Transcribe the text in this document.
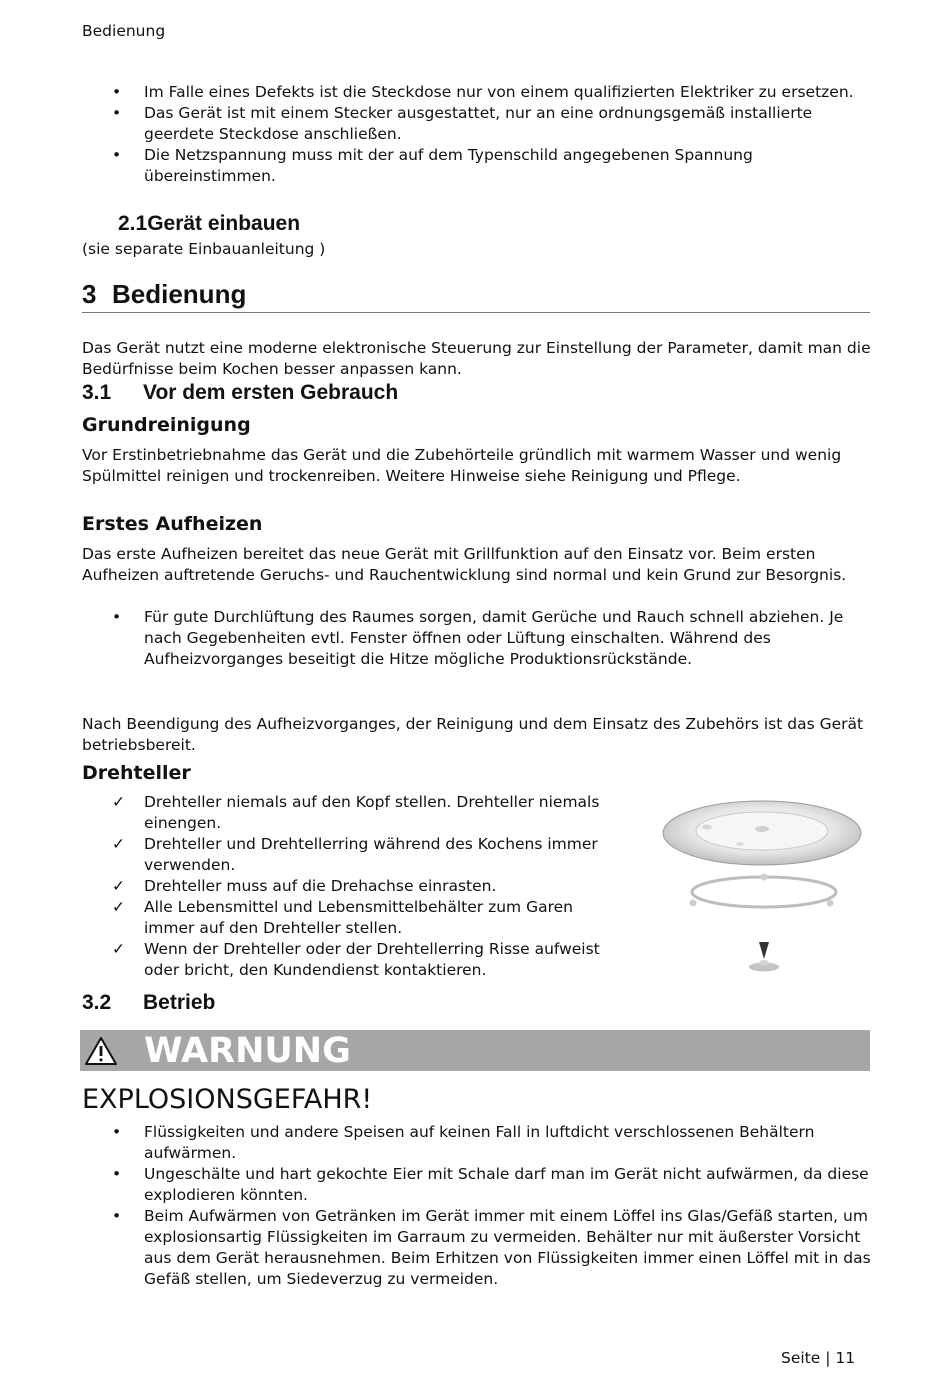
Bedienung
• Im Falle eines Defekts ist die Steckdose nur von einem qualifizierten Elektriker zu ersetzen.
• Das Gerät ist mit einem Stecker ausgestattet, nur an eine ordnungsgemäß installierte geerdete Steckdose anschließen.
• Die Netzspannung muss mit der auf dem Typenschild angegebenen Spannung übereinstimmen.
2.1Gerät einbauen
(sie separate Einbauanleitung )
3 Bedienung

Das Gerät nutzt eine moderne elektronische Steuerung zur Einstellung der Parameter, damit man die Bedürfnisse beim Kochen besser anpassen kann.

3.1 Vor dem ersten Gebrauch
Grundreinigung

Vor Erstinbetriebnahme das Gerät und die Zubehörteile gründlich mit warmem Wasser und wenig Spülmittel reinigen und trockenreiben. Weitere Hinweise siehe Reinigung und Pflege.

Erstes Aufheizen

Das erste Aufheizen bereitet das neue Gerät mit Grillfunktion auf den Einsatz vor. Beim ersten Aufheizen auftretende Geruchs- und Rauchentwicklung sind normal und kein Grund zur Besorgnis.

• Für gute Durchlüftung des Raumes sorgen, damit Gerüche und Rauch schnell abziehen. Je nach Gegebenheiten evtl. Fenster öffnen oder Lüftung einschalten. Während des Aufheizvorganges beseitigt die Hitze mögliche Produktionsrückstände.

Nach Beendigung des Aufheizvorganges, der Reinigung und dem Einsatz des Zubehörs ist das Gerät betriebsbereit.

Drehteller
✓ Drehteller niemals auf den Kopf stellen. Drehteller niemals einengen.
✓ Drehteller und Drehtellerring während des Kochens immer verwenden.
✓ Drehteller muss auf die Drehachse einrasten.
✓ Alle Lebensmittel und Lebensmittelbehälter zum Garen immer auf den Drehteller stellen.
✓ Wenn der Drehteller oder der Drehtellerring Risse aufweist oder bricht, den Kundendienst kontaktieren.
3.2 Betrieb
WARNUNG
EXPLOSIONSGEFAHR!
• Flüssigkeiten und andere Speisen auf keinen Fall in luftdicht verschlossenen Behältern aufwärmen.
• Ungeschälte und hart gekochte Eier mit Schale darf man im Gerät nicht aufwärmen, da diese explodieren könnten.
• Beim Aufwärmen von Getränken im Gerät immer mit einem Löffel ins Glas/Gefäß starten, um explosionsartig Flüssigkeiten im Garraum zu vermeiden. Behälter nur mit äußerster Vorsicht aus dem Gerät herausnehmen. Beim Erhitzen von Flüssigkeiten immer einen Löffel mit in das Gefäß stellen, um Siedeverzug zu vermeiden.
Seite | 11
